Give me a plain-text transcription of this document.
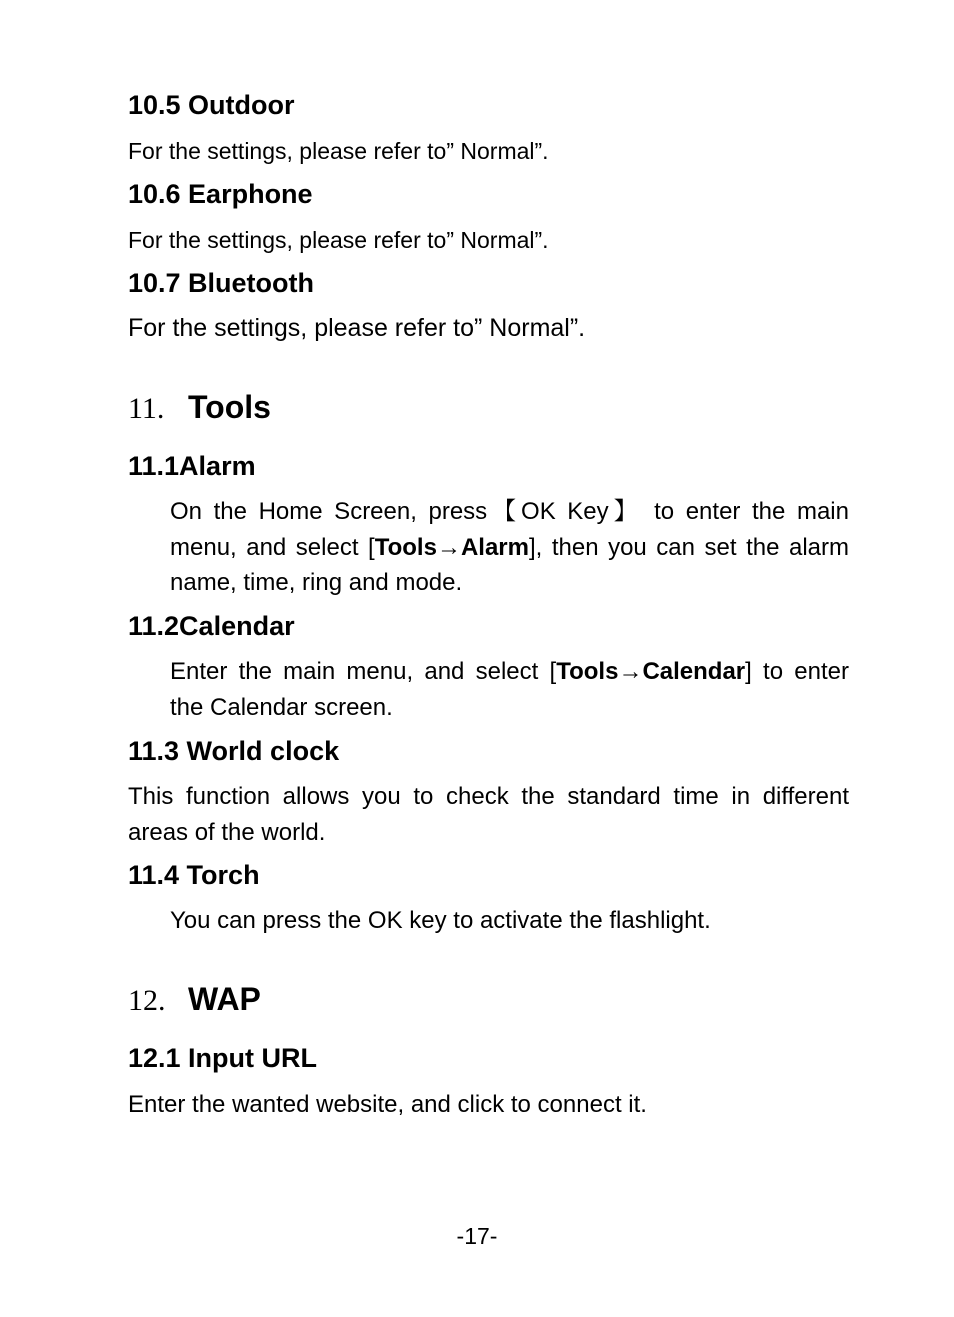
10.5 Outdoor
For the settings, please refer to” Normal”.
10.6 Earphone
For the settings, please refer to” Normal”.
10.7 Bluetooth
For the settings, please refer to” Normal”.
11. Tools
11.1Alarm
On the Home Screen, press【OK Key】 to enter the main menu, and select [Tools→Alarm], then you can set the alarm name, time, ring and mode.
11.2Calendar
Enter the main menu, and select [Tools→Calendar] to enter the Calendar screen.
11.3 World clock
This function allows you to check the standard time in different areas of the world.
11.4 Torch
You can press the OK key to activate the flashlight.
12. WAP
12.1 Input URL
Enter the wanted website, and click to connect it.
-17-
